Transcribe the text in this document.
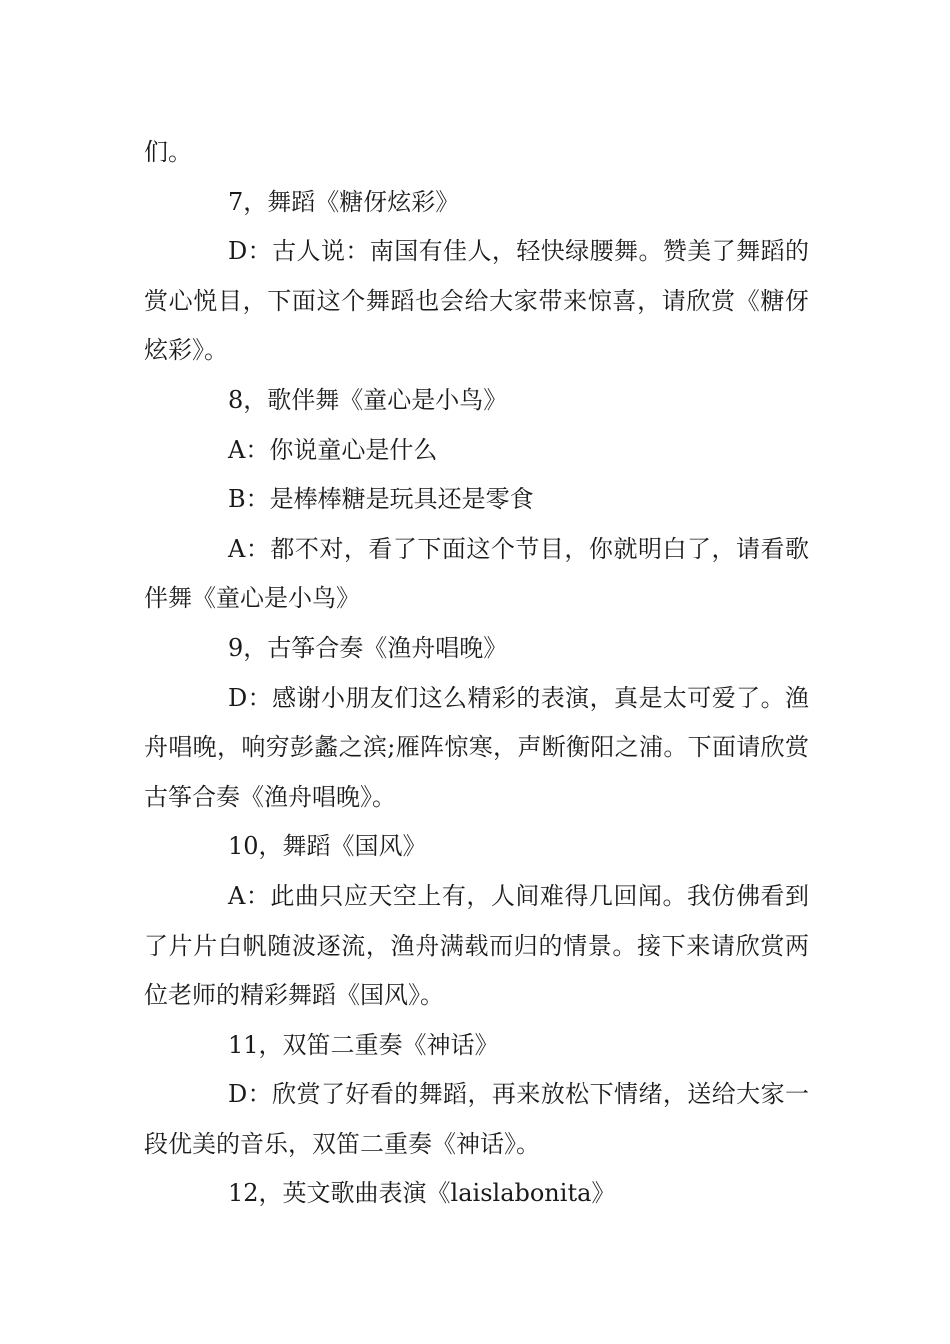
们。

7，舞蹈《糖伢炫彩》

D：古人说：南国有佳人，轻快绿腰舞。赞美了舞蹈的赏心悦目，下面这个舞蹈也会给大家带来惊喜，请欣赏《糖伢炫彩》。

8，歌伴舞《童心是小鸟》

A：你说童心是什么

B：是棒棒糖是玩具还是零食

A：都不对，看了下面这个节目，你就明白了，请看歌伴舞《童心是小鸟》

9，古筝合奏《渔舟唱晚》

D：感谢小朋友们这么精彩的表演，真是太可爱了。渔舟唱晚，响穷彭蠡之滨;雁阵惊寒，声断衡阳之浦。下面请欣赏古筝合奏《渔舟唱晚》。

10，舞蹈《国风》

A：此曲只应天空上有，人间难得几回闻。我仿佛看到了片片白帆随波逐流，渔舟满载而归的情景。接下来请欣赏两位老师的精彩舞蹈《国风》。

11，双笛二重奏《神话》

D：欣赏了好看的舞蹈，再来放松下情绪，送给大家一段优美的音乐，双笛二重奏《神话》。

12，英文歌曲表演《laislabonita》
